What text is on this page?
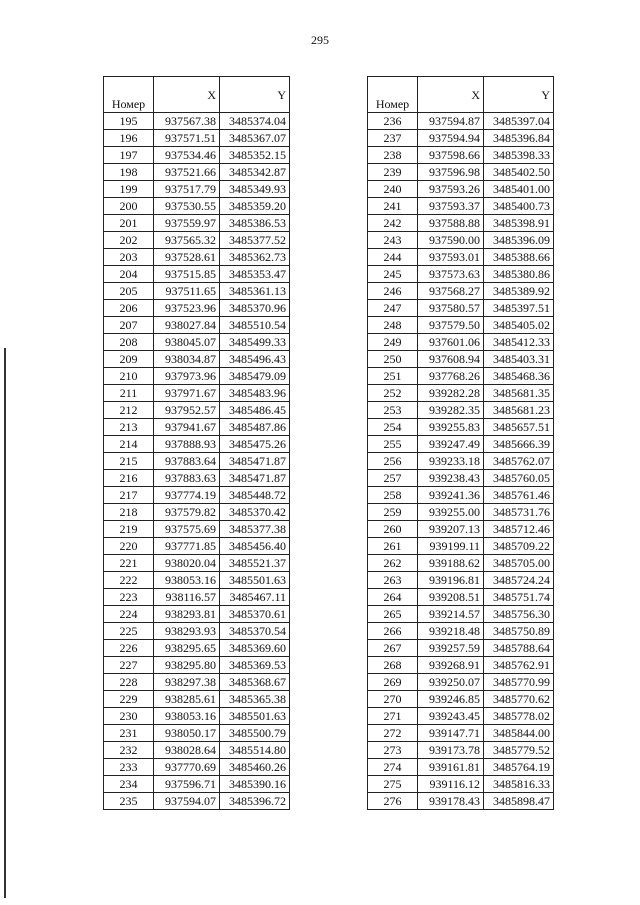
295
Номер	X	Y
195	937567.38	3485374.04
196	937571.51	3485367.07
197	937534.46	3485352.15
198	937521.66	3485342.87
199	937517.79	3485349.93
200	937530.55	3485359.20
201	937559.97	3485386.53
202	937565.32	3485377.52
203	937528.61	3485362.73
204	937515.85	3485353.47
205	937511.65	3485361.13
206	937523.96	3485370.96
207	938027.84	3485510.54
208	938045.07	3485499.33
209	938034.87	3485496.43
210	937973.96	3485479.09
211	937971.67	3485483.96
212	937952.57	3485486.45
213	937941.67	3485487.86
214	937888.93	3485475.26
215	937883.64	3485471.87
216	937883.63	3485471.87
217	937774.19	3485448.72
218	937579.82	3485370.42
219	937575.69	3485377.38
220	937771.85	3485456.40
221	938020.04	3485521.37
222	938053.16	3485501.63
223	938116.57	3485467.11
224	938293.81	3485370.61
225	938293.93	3485370.54
226	938295.65	3485369.60
227	938295.80	3485369.53
228	938297.38	3485368.67
229	938285.61	3485365.38
230	938053.16	3485501.63
231	938050.17	3485500.79
232	938028.64	3485514.80
233	937770.69	3485460.26
234	937596.71	3485390.16
235	937594.07	3485396.72
Номер	X	Y
236	937594.87	3485397.04
237	937594.94	3485396.84
238	937598.66	3485398.33
239	937596.98	3485402.50
240	937593.26	3485401.00
241	937593.37	3485400.73
242	937588.88	3485398.91
243	937590.00	3485396.09
244	937593.01	3485388.66
245	937573.63	3485380.86
246	937568.27	3485389.92
247	937580.57	3485397.51
248	937579.50	3485405.02
249	937601.06	3485412.33
250	937608.94	3485403.31
251	937768.26	3485468.36
252	939282.28	3485681.35
253	939282.35	3485681.23
254	939255.83	3485657.51
255	939247.49	3485666.39
256	939233.18	3485762.07
257	939238.43	3485760.05
258	939241.36	3485761.46
259	939255.00	3485731.76
260	939207.13	3485712.46
261	939199.11	3485709.22
262	939188.62	3485705.00
263	939196.81	3485724.24
264	939208.51	3485751.74
265	939214.57	3485756.30
266	939218.48	3485750.89
267	939257.59	3485788.64
268	939268.91	3485762.91
269	939250.07	3485770.99
270	939246.85	3485770.62
271	939243.45	3485778.02
272	939147.71	3485844.00
273	939173.78	3485779.52
274	939161.81	3485764.19
275	939116.12	3485816.33
276	939178.43	3485898.47
